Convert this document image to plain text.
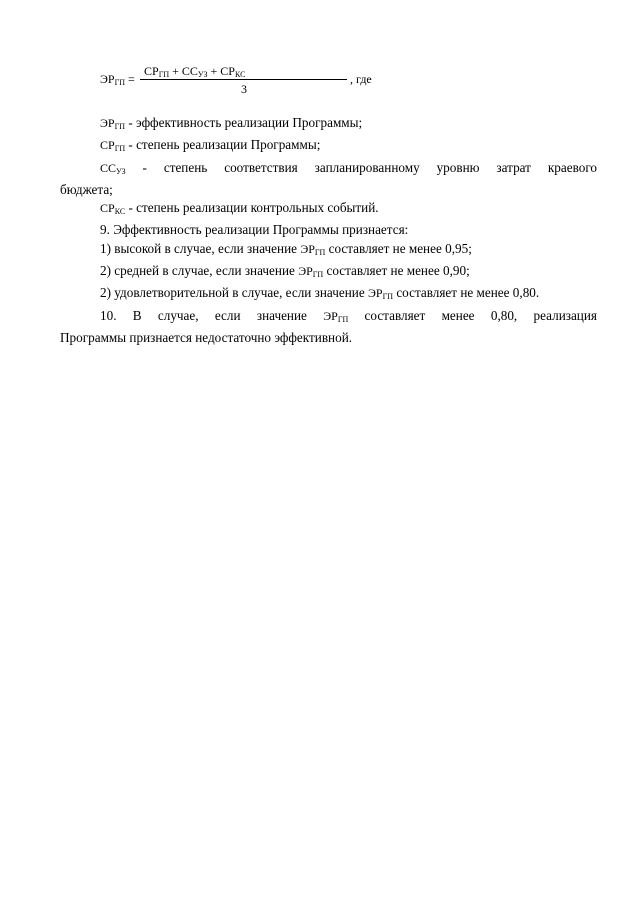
$ЭР_{ГП}$ =
$СР_{ГП} + СС_{УЗ} + СР_{КС}$
3
, где
$ЭР_{ГП}$ - эффективность реализации Программы;
$СР_{ГП}$ - степень реализации Программы;
$СС_{УЗ}$ - степень соответствия запланированному уровню затрат краевого
бюджета;
$СР_{КС}$ - степень реализации контрольных событий.
9. Эффективность реализации Программы признается:
1) высокой в случае, если значение $ЭР_{ГП}$ составляет не менее 0,95;
2) средней в случае, если значение $ЭР_{ГП}$ составляет не менее 0,90;
2) удовлетворительной в случае, если значение $ЭР_{ГП}$ составляет не менее 0,80.
10. В случае, если значение $ЭР_{ГП}$ составляет менее 0,80, реализация
Программы признается недостаточно эффективной.
